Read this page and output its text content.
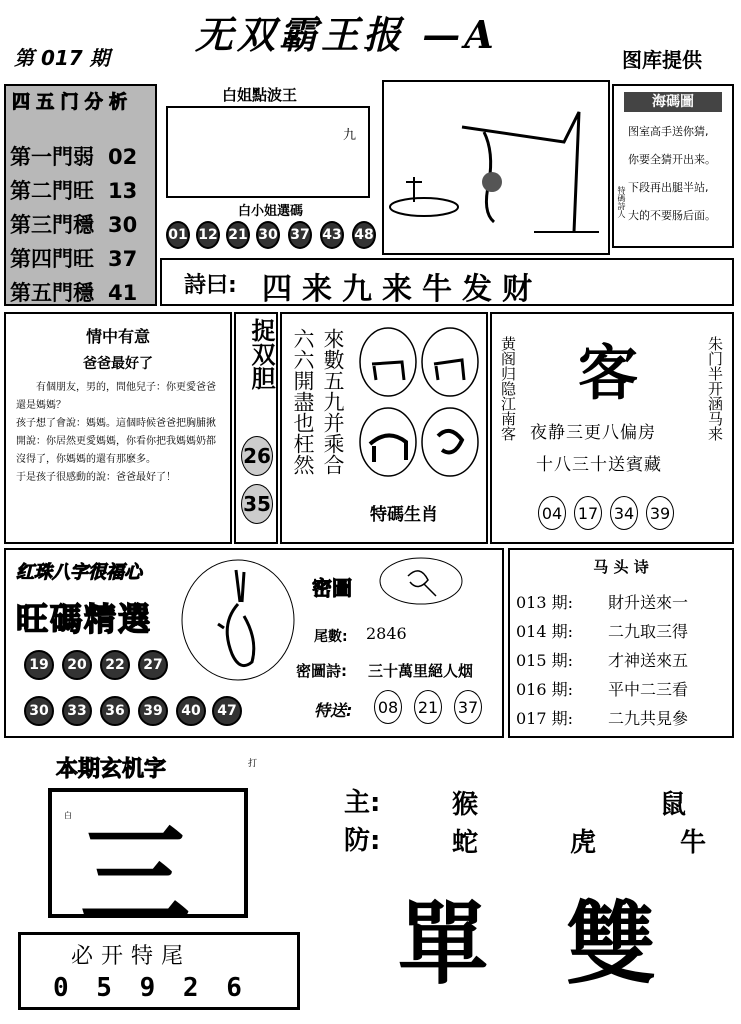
无双霸王报 —A
第 017 期	图库提供
四 五 门 分 析
第一門弱 02
第二門旺 13
第三門穩 30
第四門旺 37
第五門穩 41
白姐點波王
九
白小姐選碼
01 12 21 30 37 43 48
海碼圖
特碼詩人
图室高手送你猜,
你要全猜开出来。
下段再出腿半站,
大的不要肠后面。
詩曰: 四来九来牛发财
情中有意
爸爸最好了
有個朋友，男的，問他兒子：你更愛爸爸還是媽媽？
孩子想了會說：媽媽。這個時候爸爸把胸脯揪開說：你居然更愛媽媽，你看你把我媽媽奶都沒得了，你媽媽的還有那麽多。
于是孩子很感動的說：爸爸最好了！
捉双胆
26
35
六六開盡也枉然 來數五九并乘合
特碼生肖
黄阁归隐江南客	朱门半开涵马来
客
夜静三更八偏房
十八三十送賓藏
04 17 34 39
红珠八字很福心
旺碼精選
19	20	22	27
30	33	36	39	40	47
密圖
尾數: 2846
密圖詩: 三十萬里絕人烟
特送: 08 21 37
马 头 诗
013 期:	財升送來一
014 期:	二九取三得
015 期:	才神送來五
016 期:	平中二三看
017 期:	二九共見參
本期玄机字	打
白 三
必开特尾
0 5 9 2 6
主:	猴	鼠
防:	蛇	虎	牛
單 雙
